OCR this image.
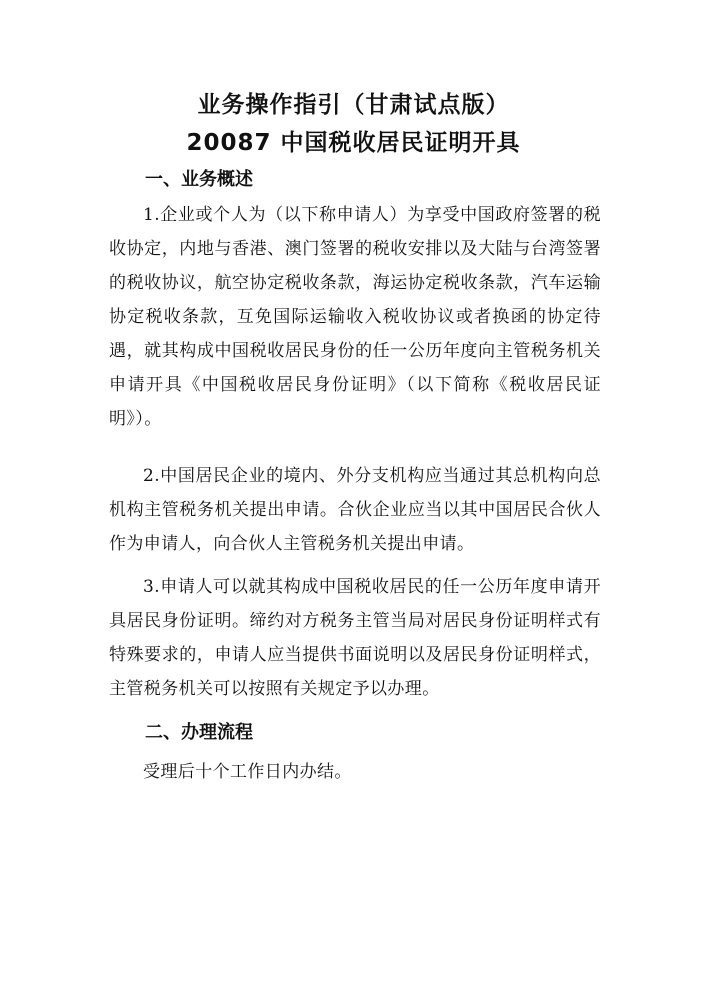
业务操作指引（甘肃试点版）
20087 中国税收居民证明开具
一、业务概述
1.企业或个人为（以下称申请人）为享受中国政府签署的税收协定，内地与香港、澳门签署的税收安排以及大陆与台湾签署的税收协议，航空协定税收条款，海运协定税收条款，汽车运输协定税收条款，互免国际运输收入税收协议或者换函的协定待遇，就其构成中国税收居民身份的任一公历年度向主管税务机关申请开具《中国税收居民身份证明》（以下简称《税收居民证明》）。
2.中国居民企业的境内、外分支机构应当通过其总机构向总机构主管税务机关提出申请。合伙企业应当以其中国居民合伙人作为申请人，向合伙人主管税务机关提出申请。
3.申请人可以就其构成中国税收居民的任一公历年度申请开具居民身份证明。缔约对方税务主管当局对居民身份证明样式有特殊要求的，申请人应当提供书面说明以及居民身份证明样式，主管税务机关可以按照有关规定予以办理。
二、办理流程
受理后十个工作日内办结。
